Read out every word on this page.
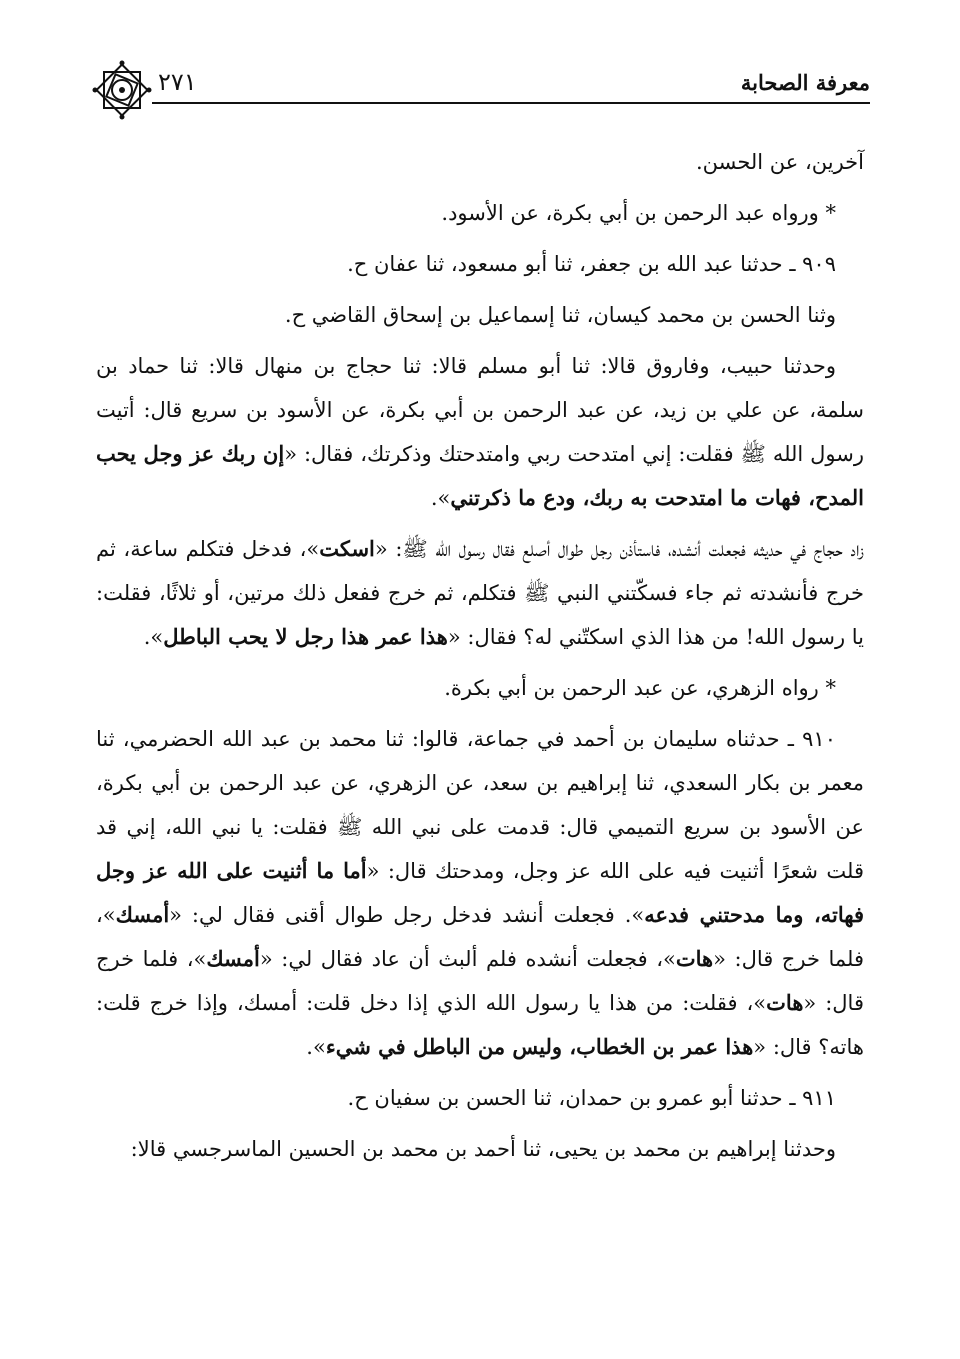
٢٧١	معرفة الصحابة

آخرين، عن الحسن.

* ورواه عبد الرحمن بن أبي بكرة، عن الأسود.

٩٠٩ ـ حدثنا عبد الله بن جعفر، ثنا أبو مسعود، ثنا عفان ح.

وثنا الحسن بن محمد كيسان، ثنا إسماعيل بن إسحاق القاضي ح.

وحدثنا حبيب، وفاروق قالا: ثنا أبو مسلم قالا: ثنا حجاج بن منهال قالا: ثنا حماد بن سلمة، عن علي بن زيد، عن عبد الرحمن بن أبي بكرة، عن الأسود بن سريع قال: أتيت رسول الله ﷺ فقلت: إني امتدحت ربي وامتدحتك وذكرتك، فقال: «إن ربك عز وجل يحب المدح، فهات ما امتدحت به ربك، ودع ما ذكرتني».

زاد حجاج في حديثه فجعلت أنشده، فاستأذن رجل طوال أصلع فقال رسول الله ﷺ: «اسكت»، فدخل فتكلم ساعة، ثم خرج فأنشدته ثم جاء فسكّتني النبي ﷺ فتكلم، ثم خرج ففعل ذلك مرتين، أو ثلاثًا، فقلت: يا رسول الله! من هذا الذي اسكتّني له؟ فقال: «هذا عمر هذا رجل لا يحب الباطل».

* رواه الزهري، عن عبد الرحمن بن أبي بكرة.

٩١٠ ـ حدثناه سليمان بن أحمد في جماعة، قالوا: ثنا محمد بن عبد الله الحضرمي، ثنا معمر بن بكار السعدي، ثنا إبراهيم بن سعد، عن الزهري، عن عبد الرحمن بن أبي بكرة، عن الأسود بن سريع التميمي قال: قدمت على نبي الله ﷺ فقلت: يا نبي الله، إني قد قلت شعرًا أثنيت فيه على الله عز وجل، ومدحتك قال: «أما ما أثنيت على الله عز وجل فهاته، وما مدحتني فدعه». فجعلت أنشد فدخل رجل طوال أقنى فقال لي: «أمسك»، فلما خرج قال: «هات»، فجعلت أنشده فلم ألبث أن عاد فقال لي: «أمسك»، فلما خرج قال: «هات»، فقلت: من هذا يا رسول الله الذي إذا دخل قلت: أمسك، وإذا خرج قلت: هاته؟ قال: «هذا عمر بن الخطاب، وليس من الباطل في شيء».

٩١١ ـ حدثنا أبو عمرو بن حمدان، ثنا الحسن بن سفيان ح.

وحدثنا إبراهيم بن محمد بن يحيى، ثنا أحمد بن محمد بن الحسين الماسرجسي قالا:
